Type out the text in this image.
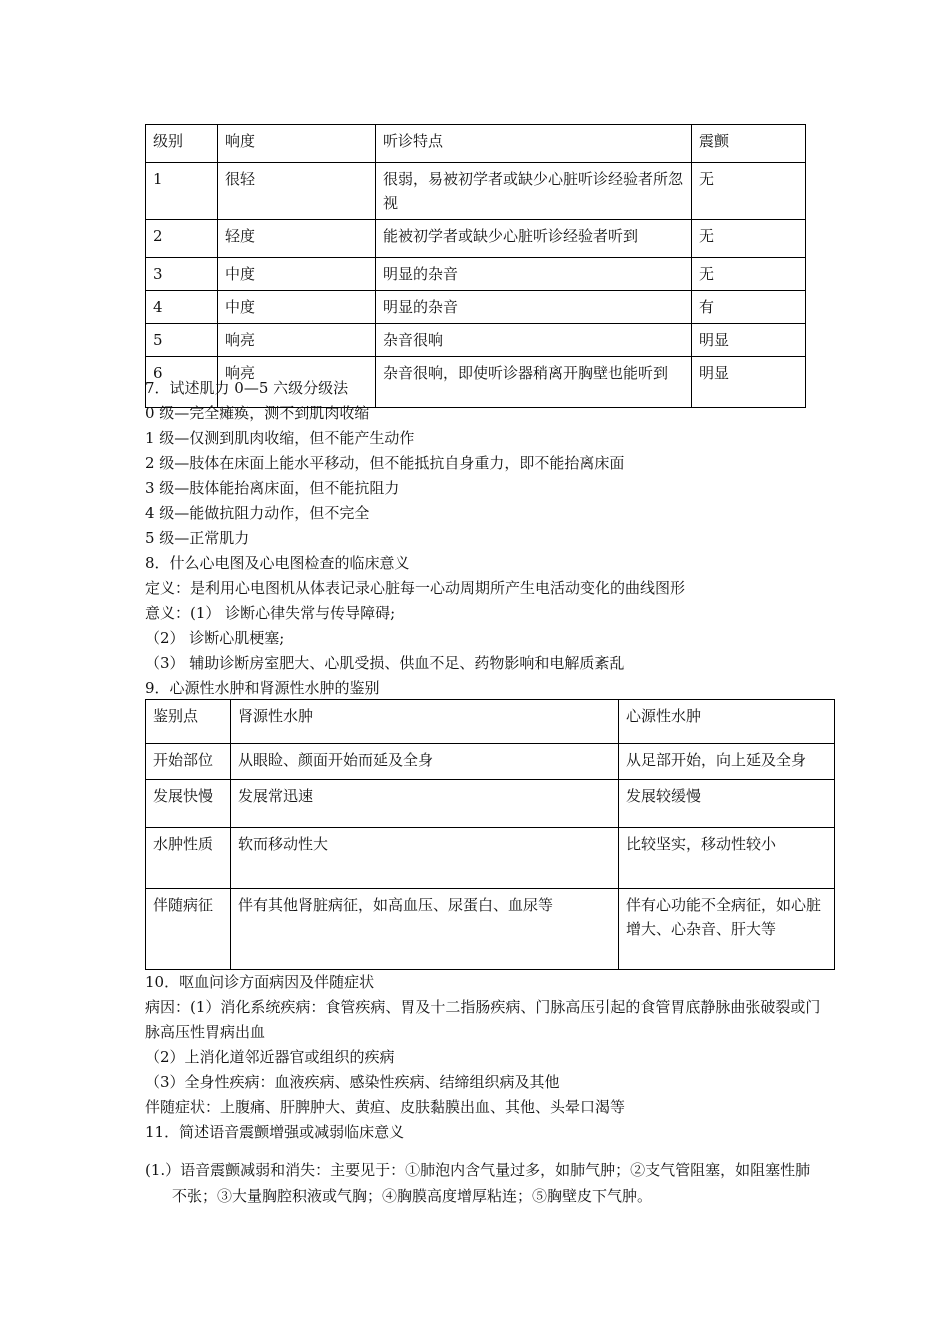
级别	响度	听诊特点	震颤
1	很轻	很弱，易被初学者或缺少心脏听诊经验者所忽视	无
2	轻度	能被初学者或缺少心脏听诊经验者听到	无
3	中度	明显的杂音	无
4	中度	明显的杂音	有
5	响亮	杂音很响	明显
6	响亮	杂音很响，即使听诊器稍离开胸壁也能听到	明显
7．试述肌力 0—5 六级分级法
0 级—完全瘫痪，测不到肌肉收缩
1 级—仅测到肌肉收缩，但不能产生动作
2 级—肢体在床面上能水平移动，但不能抵抗自身重力，即不能抬离床面
3 级—肢体能抬离床面，但不能抗阻力
4 级—能做抗阻力动作，但不完全
5 级—正常肌力
8．什么心电图及心电图检查的临床意义
定义：是利用心电图机从体表记录心脏每一心动周期所产生电活动变化的曲线图形
意义：(1） 诊断心律失常与传导障碍;
（2） 诊断心肌梗塞;
（3） 辅助诊断房室肥大、心肌受损、供血不足、药物影响和电解质紊乱
9．心源性水肿和肾源性水肿的鉴别
鉴别点	肾源性水肿	心源性水肿
开始部位	从眼睑、颜面开始而延及全身	从足部开始，向上延及全身
发展快慢	发展常迅速	发展较缓慢
水肿性质	软而移动性大	比较坚实，移动性较小
伴随病征	伴有其他肾脏病征，如高血压、尿蛋白、血尿等	伴有心功能不全病征，如心脏增大、心杂音、肝大等
10．呕血问诊方面病因及伴随症状
病因：(1）消化系统疾病：食管疾病、胃及十二指肠疾病、门脉高压引起的食管胃底静脉曲张破裂或门脉高压性胃病出血
（2）上消化道邻近器官或组织的疾病
（3）全身性疾病：血液疾病、感染性疾病、结缔组织病及其他
伴随症状：上腹痛、肝脾肿大、黄疸、皮肤黏膜出血、其他、头晕口渴等
11．简述语音震颤增强或减弱临床意义
(1.）语音震颤减弱和消失：主要见于：①肺泡内含气量过多，如肺气肿；②支气管阻塞，如阻塞性肺不张；③大量胸腔积液或气胸；④胸膜高度增厚粘连；⑤胸壁皮下气肿。
